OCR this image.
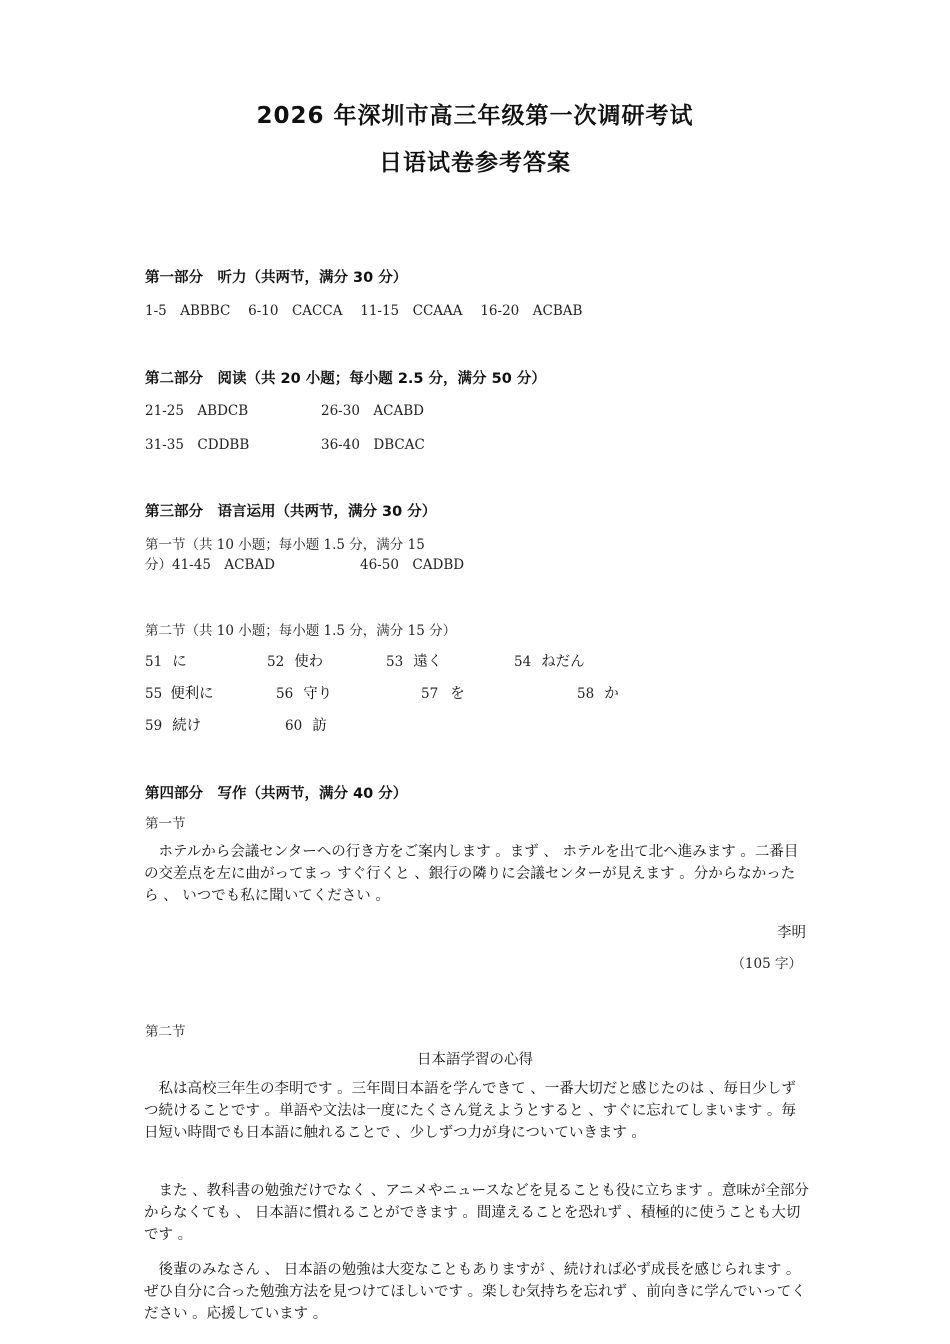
2026 年深圳市高三年级第一次调研考试
日语试卷参考答案
第一部分　听力（共两节，满分 30 分）
1-5　ABBBC　 6-10　CACCA　 11-15　CCAAA　 16-20　ACBAB
第二部分　阅读（共 20 小题；每小题 2.5 分，满分 50 分）
21-25　ABDCB	26-30　ACABD
31-35　CDDBB	36-40　DBCAC
第三部分　语言运用（共两节，满分 30 分）
第一节（共 10 小题；每小题 1.5 分，满分 15
分）41-45　ACBAD	46-50　CADBD
第二节（共 10 小题；每小题 1.5 分，满分 15 分）
51 に	52 使わ	53 遠く	54 ねだん
55 便利に	56 守り	57 を	58 か
59 続け	60 訪
第四部分　写作（共两节，满分 40 分）
第一节
ホテルから会議センターへの行き方をご案内します 。まず 、 ホテルを出て北へ進みます 。二番目の交差点を左に曲がってまっ すぐ行くと 、銀行の隣りに会議センターが見えます 。分からなかったら 、 いつでも私に聞いてください 。
李明
（105 字）
第二节
日本語学習の心得
私は高校三年生の李明です 。三年間日本語を学んできて 、一番大切だと感じたのは 、毎日少しずつ続けることです 。単語や文法は一度にたくさん覚えようとすると 、すぐに忘れてしまいます 。毎日短い時間でも日本語に触れることで 、少しずつ力が身についていきます 。
また 、教科書の勉強だけでなく 、アニメやニュースなどを見ることも役に立ちます 。意味が全部分からなくても 、 日本語に慣れることができます 。間違えることを恐れず 、積極的に使うことも大切です 。
後輩のみなさん 、 日本語の勉強は大変なこともありますが 、続ければ必ず成長を感じられます 。ぜひ自分に合った勉強方法を見つけてほしいです 。楽しむ気持ちを忘れず 、前向きに学んでいってください 。応援しています 。
